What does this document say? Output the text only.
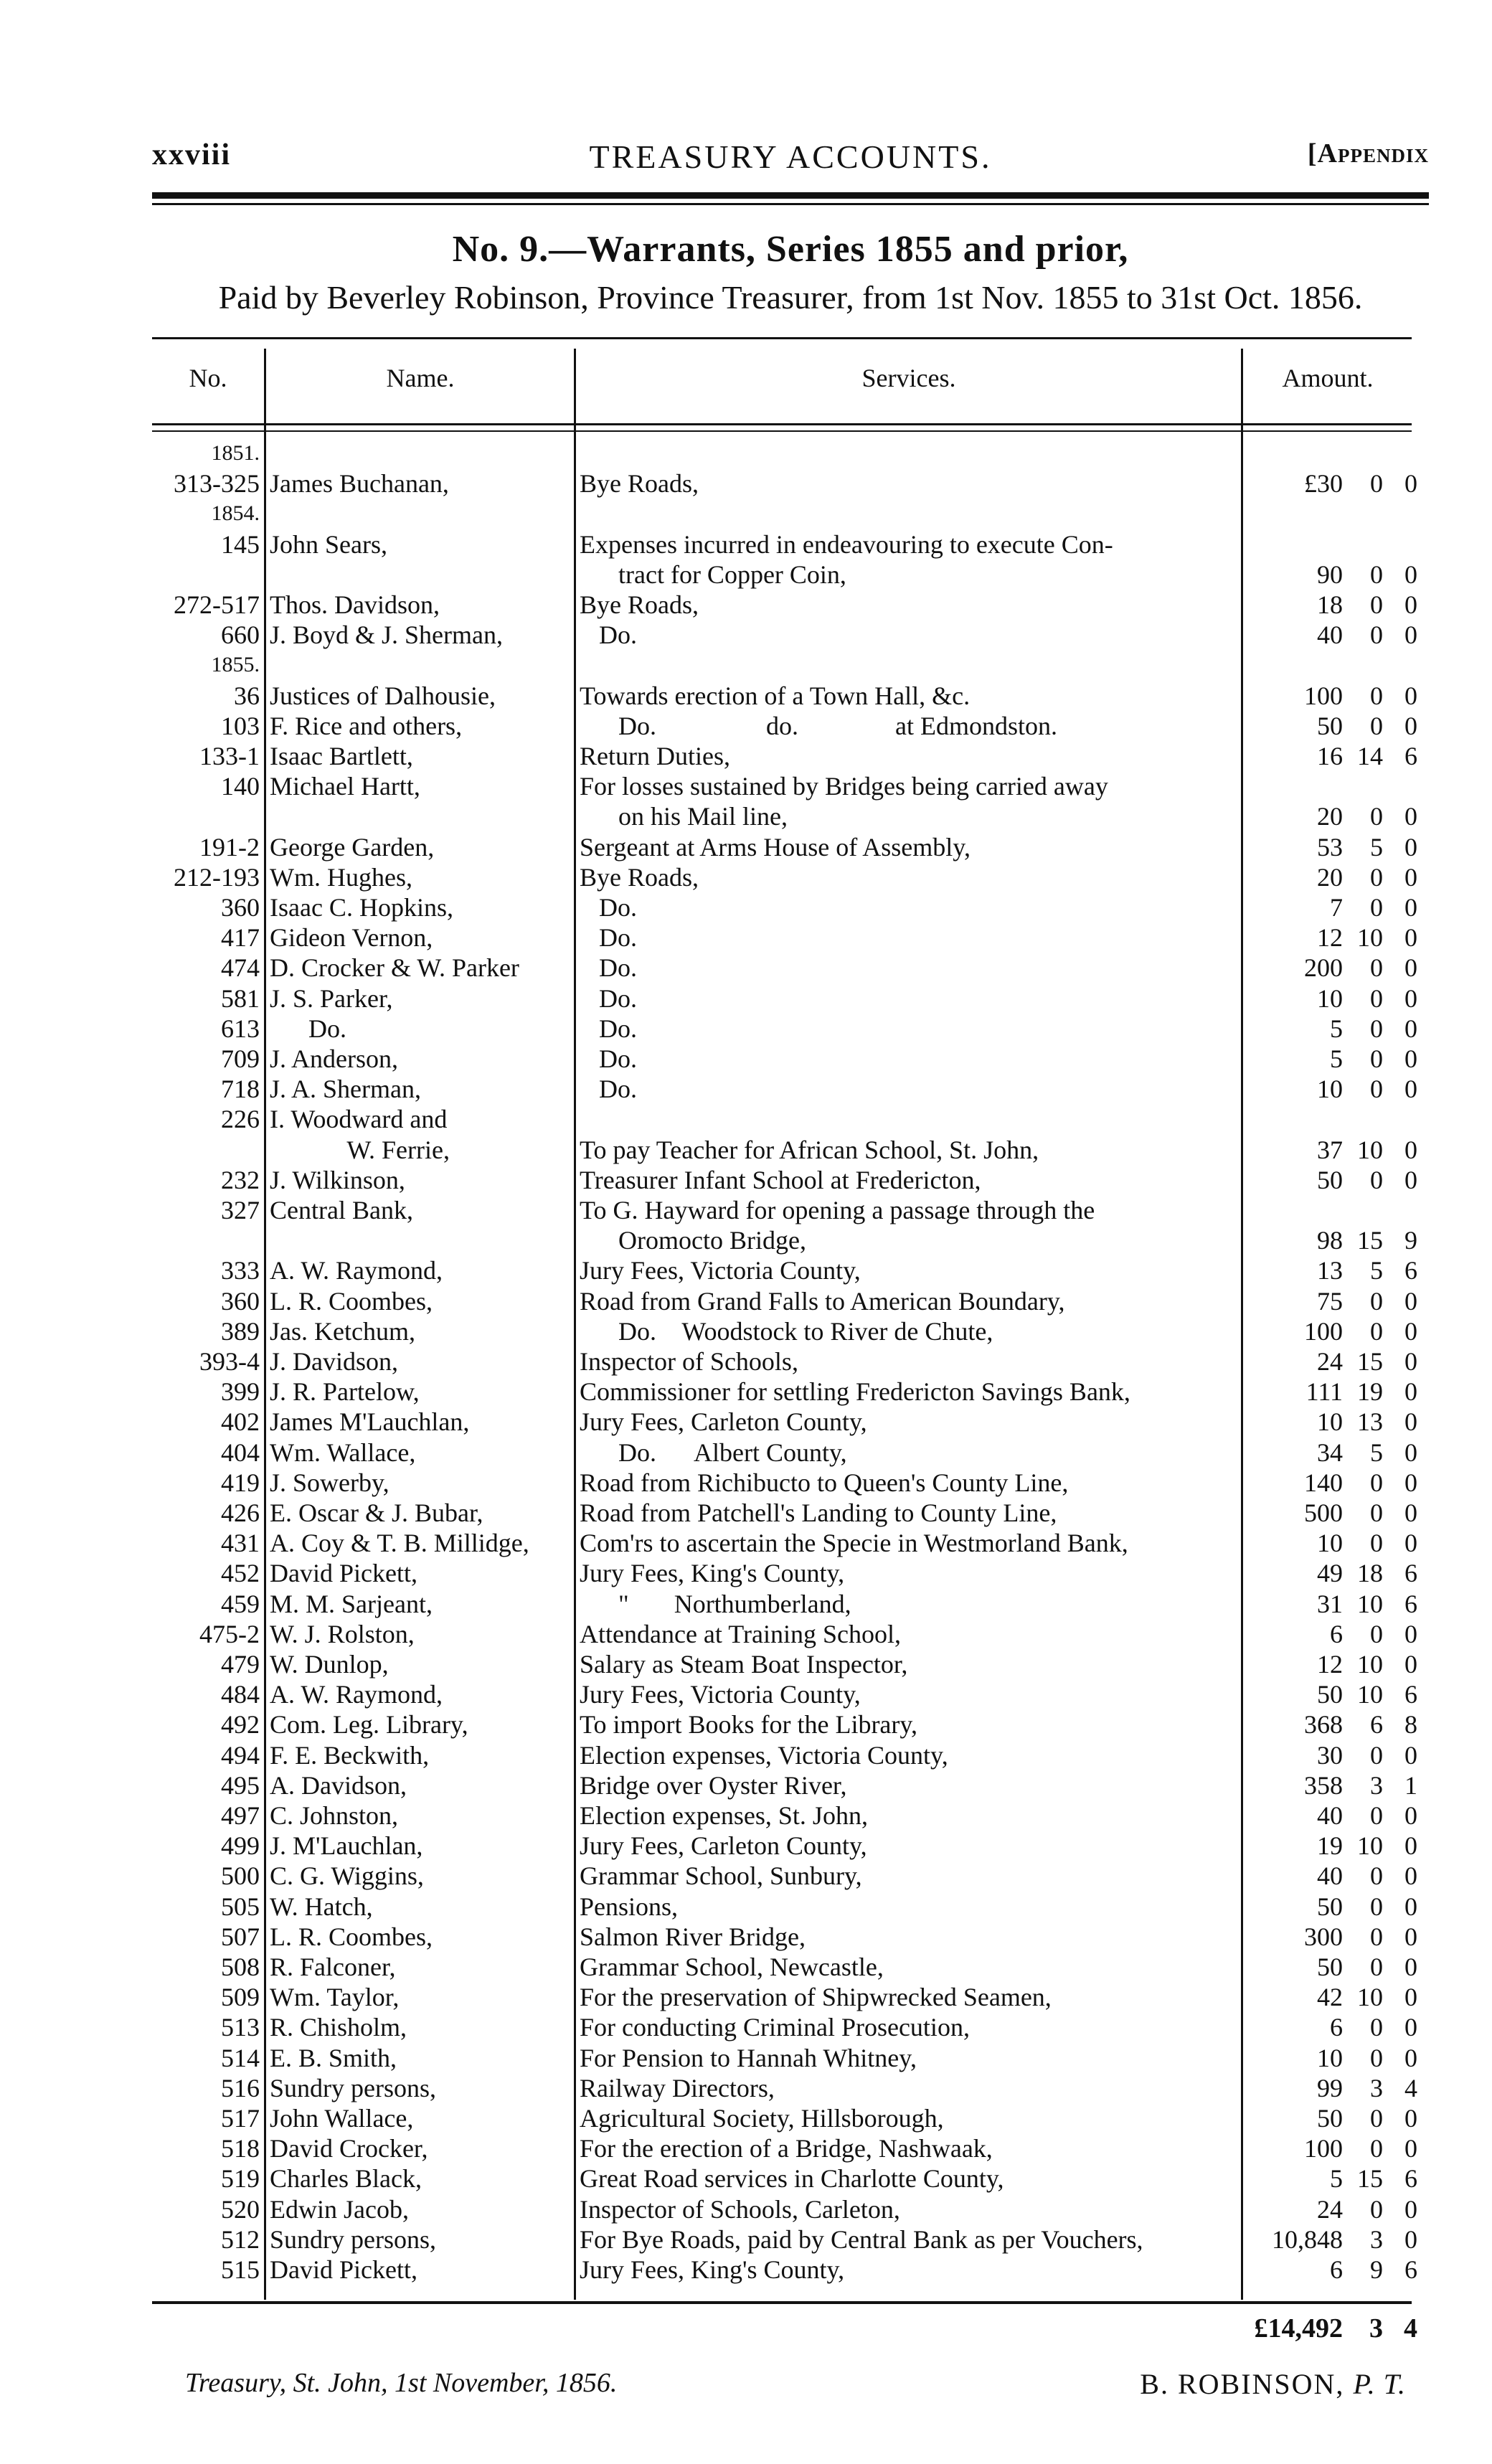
xxviii	TREASURY ACCOUNTS.	[Appendix
No. 9.—Warrants, Series 1855 and prior,
Paid by Beverley Robinson, Province Treasurer, from 1st Nov. 1855 to 31st Oct. 1856.
No.	Name.	Services.	Amount.
1851.
313-325 James Buchanan,	Bye Roads,	£30	0 0
1854.
145 John Sears,	Expenses incurred in endeavouring to execute Con-
tract for Copper Coin,	90	0 0
272-517 Thos. Davidson,	Bye Roads,	18	0 0
660 J. Boyd & J. Sherman,	Do.	40	0 0
1855.
36 Justices of Dalhousie,	Towards erection of a Town Hall, &c.	100	0 0
103 F. Rice and others,	Do.                 do.               at Edmondston.	50	0 0
133-1 Isaac Bartlett,	Return Duties,	16 14 6
140 Michael Hartt,	For losses sustained by Bridges being carried away
on his Mail line,	20	0 0
191-2 George Garden,	Sergeant at Arms House of Assembly,	53	5 0
212-193 Wm. Hughes,	Bye Roads,	20	0 0
360 Isaac C. Hopkins,	Do.	7	0 0
417 Gideon Vernon,	Do.	12 10 0
474 D. Crocker & W. Parker	Do.	200	0 0
581 J. S. Parker,	Do.	10	0 0
613 Do.	Do.	5	0 0
709 J. Anderson,	Do.	5	0 0
718 J. A. Sherman,	Do.	10	0 0
226 I. Woodward and
W. Ferrie,	To pay Teacher for African School, St. John,	37 10 0
232 J. Wilkinson,	Treasurer Infant School at Fredericton,	50	0 0
327 Central Bank,	To G. Hayward for opening a passage through the
Oromocto Bridge,	98 15 9
333 A. W. Raymond,	Jury Fees, Victoria County,	13	5 6
360 L. R. Coombes,	Road from Grand Falls to American Boundary,	75	0 0
389 Jas. Ketchum,	Do.    Woodstock to River de Chute,	100	0 0
393-4 J. Davidson,	Inspector of Schools,	24 15 0
399 J. R. Partelow,	Commissioner for settling Fredericton Savings Bank,	111 19 0
402 James M'Lauchlan,	Jury Fees, Carleton County,	10 13 0
404 Wm. Wallace,	Do.      Albert County,	34	5 0
419 J. Sowerby,	Road from Richibucto to Queen's County Line,	140	0 0
426 E. Oscar & J. Bubar,	Road from Patchell's Landing to County Line,	500	0 0
431 A. Coy & T. B. Millidge,	Com'rs to ascertain the Specie in Westmorland Bank,	10	0 0
452 David Pickett,	Jury Fees, King's County,	49 18 6
459 M. M. Sarjeant,	"       Northumberland,	31 10 6
475-2 W. J. Rolston,	Attendance at Training School,	6	0 0
479 W. Dunlop,	Salary as Steam Boat Inspector,	12 10 0
484 A. W. Raymond,	Jury Fees, Victoria County,	50 10 6
492 Com. Leg. Library,	To import Books for the Library,	368	6 8
494 F. E. Beckwith,	Election expenses, Victoria County,	30	0 0
495 A. Davidson,	Bridge over Oyster River,	358	3 1
497 C. Johnston,	Election expenses, St. John,	40	0 0
499 J. M'Lauchlan,	Jury Fees, Carleton County,	19 10 0
500 C. G. Wiggins,	Grammar School, Sunbury,	40	0 0
505 W. Hatch,	Pensions,	50	0 0
507 L. R. Coombes,	Salmon River Bridge,	300	0 0
508 R. Falconer,	Grammar School, Newcastle,	50	0 0
509 Wm. Taylor,	For the preservation of Shipwrecked Seamen,	42 10 0
513 R. Chisholm,	For conducting Criminal Prosecution,	6	0 0
514 E. B. Smith,	For Pension to Hannah Whitney,	10	0 0
516 Sundry persons,	Railway Directors,	99	3 4
517 John Wallace,	Agricultural Society, Hillsborough,	50	0 0
518 David Crocker,	For the erection of a Bridge, Nashwaak,	100	0 0
519 Charles Black,	Great Road services in Charlotte County,	5 15 6
520 Edwin Jacob,	Inspector of Schools, Carleton,	24	0 0
512 Sundry persons,	For Bye Roads, paid by Central Bank as per Vouchers,	10,848	3 0
515 David Pickett,	Jury Fees, King's County,	6	9 6
£14,492 3 4
Treasury, St. John, 1st November, 1856.	B. ROBINSON, P. T.
